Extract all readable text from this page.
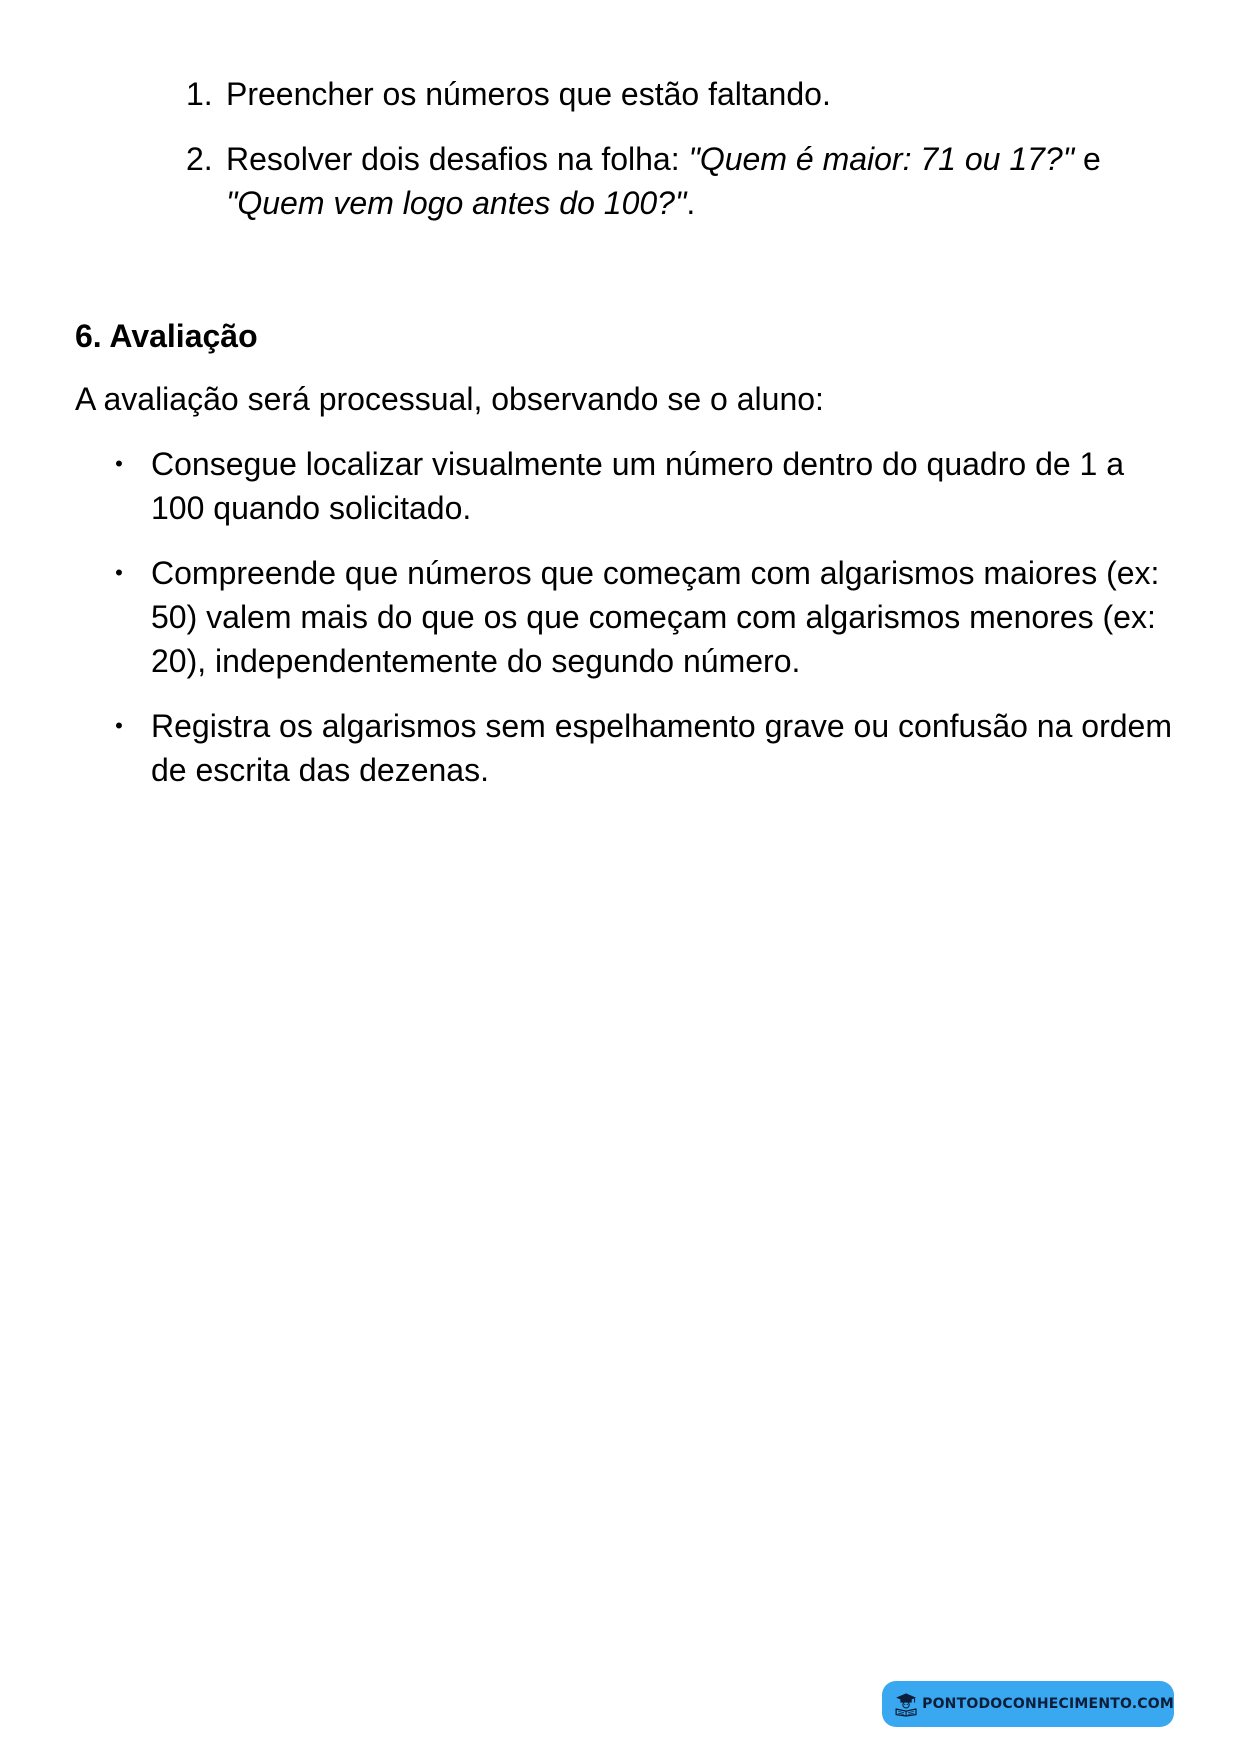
1. Preencher os números que estão faltando.
2. Resolver dois desafios na folha: "Quem é maior: 71 ou 17?" e "Quem vem logo antes do 100?".
6. Avaliação
A avaliação será processual, observando se o aluno:
• Consegue localizar visualmente um número dentro do quadro de 1 a 100 quando solicitado.
• Compreende que números que começam com algarismos maiores (ex: 50) valem mais do que os que começam com algarismos menores (ex: 20), independentemente do segundo número.
• Registra os algarismos sem espelhamento grave ou confusão na ordem de escrita das dezenas.
PONTODOCONHECIMENTO.COM
